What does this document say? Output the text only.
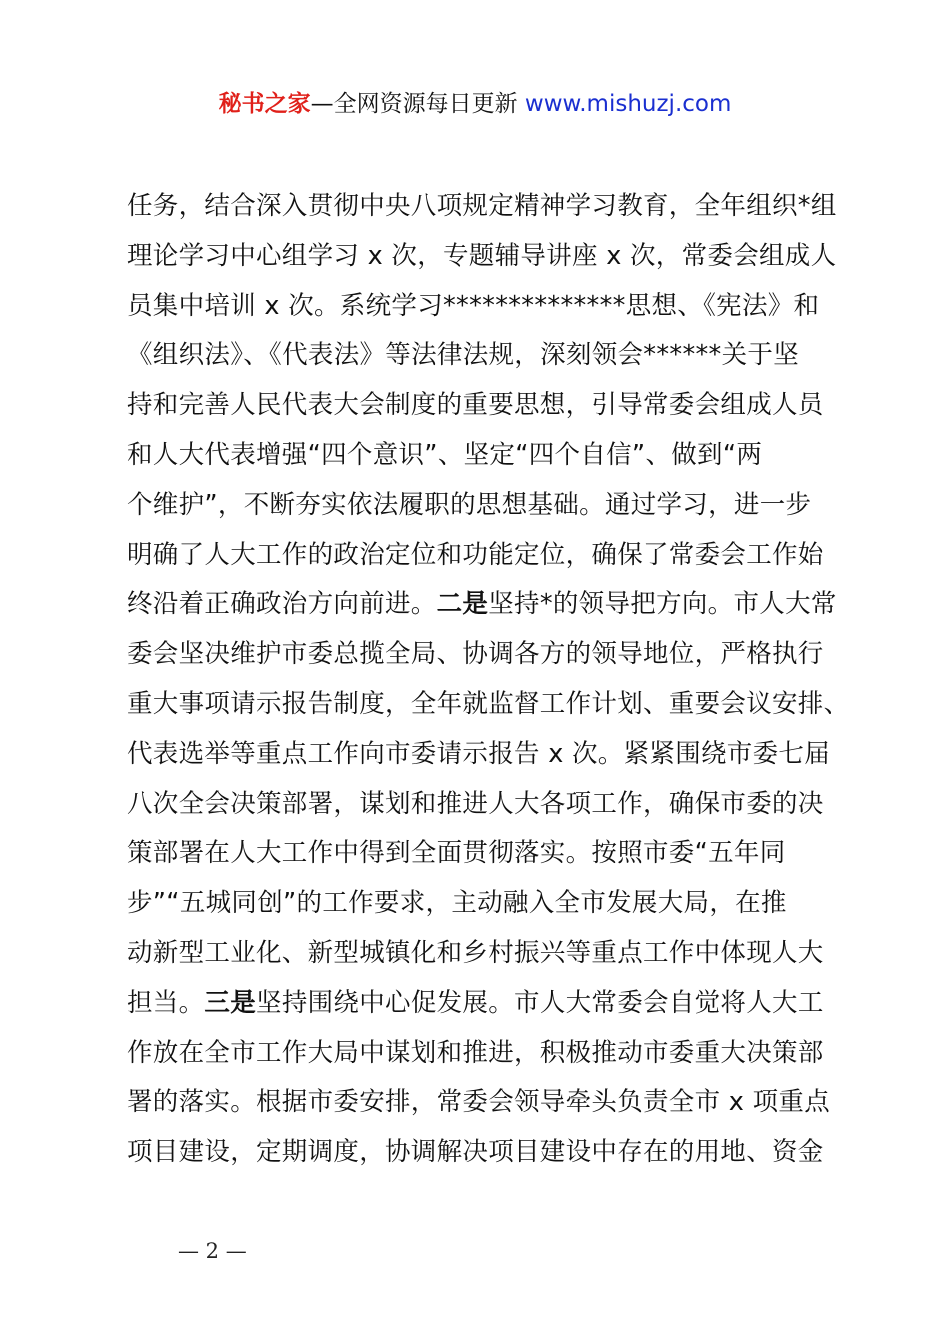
秘书之家—全网资源每日更新 www.mishuzj.com
任务，结合深入贯彻中央八项规定精神学习教育，全年组织*组
理论学习中心组学习 x 次，专题辅导讲座 x 次，常委会组成人
员集中培训 x 次。系统学习**************思想、《宪法》和
《组织法》、《代表法》等法律法规，深刻领会******关于坚
持和完善人民代表大会制度的重要思想，引导常委会组成人员
和人大代表增强“四个意识”、坚定“四个自信”、做到“两
个维护”，不断夯实依法履职的思想基础。通过学习，进一步
明确了人大工作的政治定位和功能定位，确保了常委会工作始
终沿着正确政治方向前进。二是坚持*的领导把方向。市人大常
委会坚决维护市委总揽全局、协调各方的领导地位，严格执行
重大事项请示报告制度，全年就监督工作计划、重要会议安排、
代表选举等重点工作向市委请示报告 x 次。紧紧围绕市委七届
八次全会决策部署，谋划和推进人大各项工作，确保市委的决
策部署在人大工作中得到全面贯彻落实。按照市委“五年同
步”“五城同创”的工作要求，主动融入全市发展大局，在推
动新型工业化、新型城镇化和乡村振兴等重点工作中体现人大
担当。三是坚持围绕中心促发展。市人大常委会自觉将人大工
作放在全市工作大局中谋划和推进，积极推动市委重大决策部
署的落实。根据市委安排，常委会领导牵头负责全市 x 项重点
项目建设，定期调度，协调解决项目建设中存在的用地、资金
— 2 —
